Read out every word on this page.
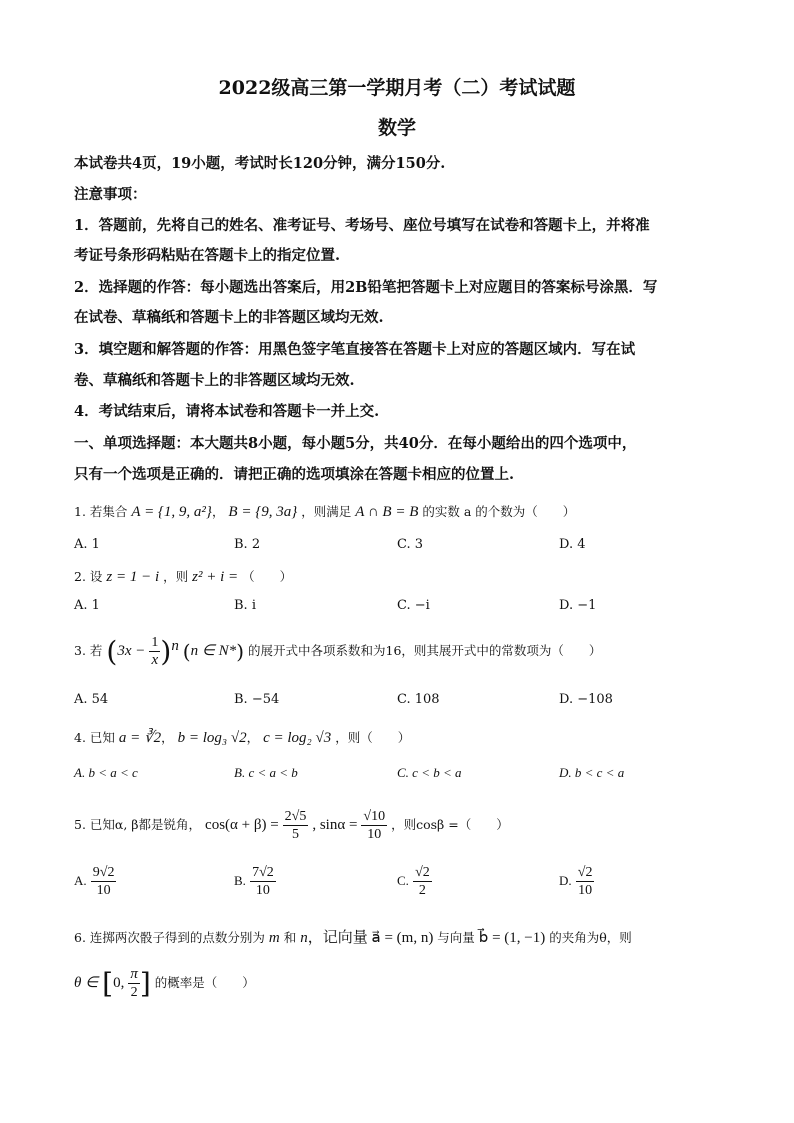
2022级高三第一学期月考（二）考试试题
数学
本试卷共4页，19小题，考试时长120分钟，满分150分.
注意事项：
1．答题前，先将自己的姓名、准考证号、考场号、座位号填写在试卷和答题卡上，并将准
考证号条形码粘贴在答题卡上的指定位置.
2．选择题的作答：每小题选出答案后，用2B铅笔把答题卡上对应题目的答案标号涂黑．写
在试卷、草稿纸和答题卡上的非答题区域均无效.
3．填空题和解答题的作答：用黑色签字笔直接答在答题卡上对应的答题区域内．写在试
卷、草稿纸和答题卡上的非答题区域均无效.
4．考试结束后，请将本试卷和答题卡一并上交.
一、单项选择题：本大题共8小题，每小题5分，共40分．在每小题给出的四个选项中，
只有一个选项是正确的．请把正确的选项填涂在答题卡相应的位置上.
1. 若集合 A = {1, 9, a²}， B = {9, 3a} ，则满足 A ∩ B = B 的实数 a 的个数为（　　）
A. 1	B. 2	C. 3	D. 4
2. 设 z = 1 − i ，则 z² + i = （　　）
A. 1	B. i	C. −i	D. −1
3. 若 $(3x - \frac{1}{x} )^n$ (n ∈ N*) 的展开式中各项系数和为16，则其展开式中的常数项为（　　）
A. 54	B. −54	C. 108	D. −108
4. 已知 a = ∛2， b = log₃ √2， c = log₂ √3 ，则（　　）
A. b < a < c	B. c < a < b	C. c < b < a	D. b < c < a
5. 已知α, β都是锐角， $\cos(\alpha + \beta) = \frac{2√5}{5}$ , $\sin\alpha = \frac{√10}{10}$ ，则cosβ =（　　）
A. $\frac{9√2}{10}$	B. $\frac{7√2}{10}$	C. $\frac{√2}{2}$	D. $\frac{√2}{10}$
6. 连掷两次骰子得到的点数分别为 m 和 n，记向量 a⃗ = (m, n) 与向量 b⃗ = (1, −1) 的夹角为θ，则
θ ∈ [0, $\frac{\pi}{2}$ ] 的概率是（　　）
